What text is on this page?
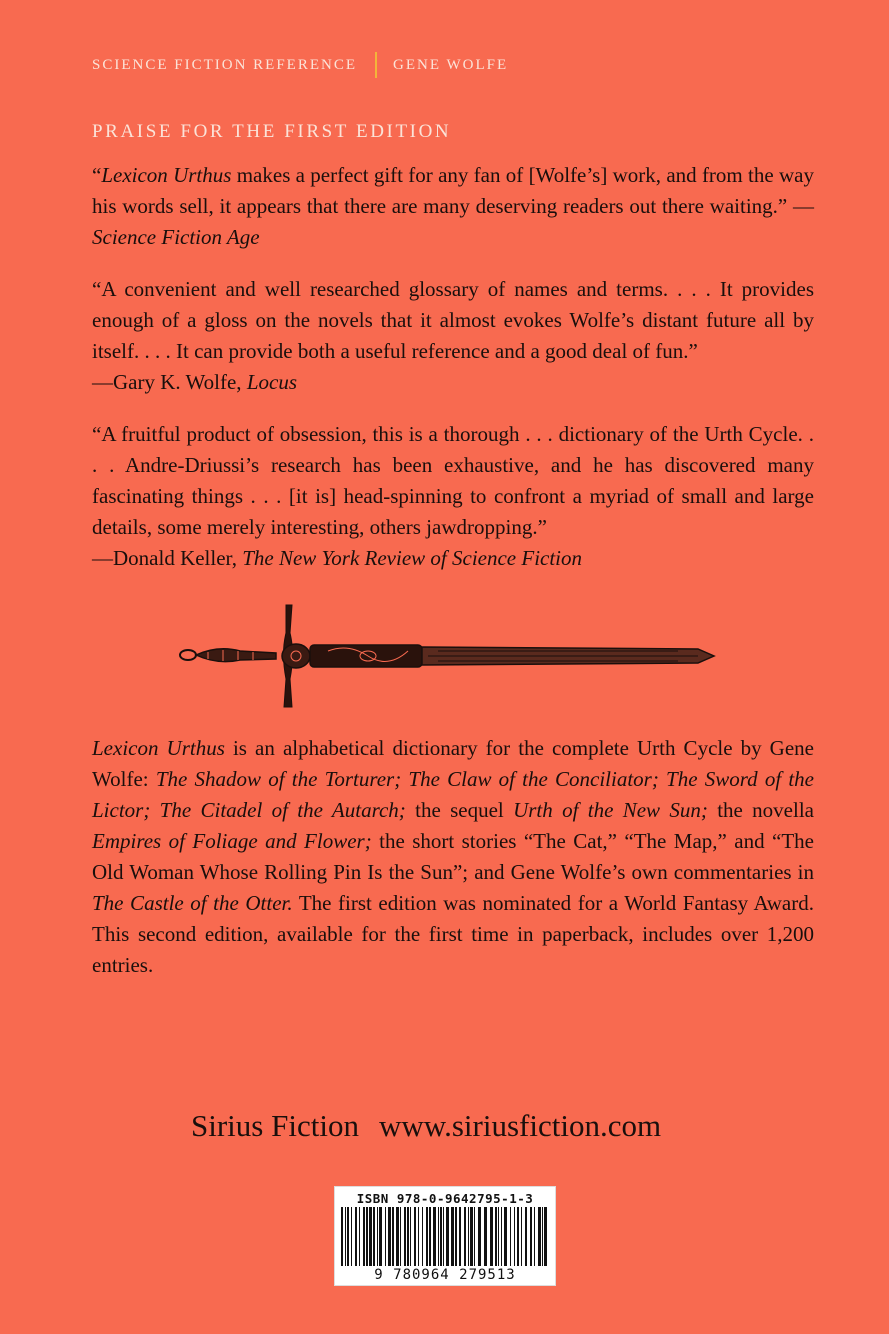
SCIENCE FICTION REFERENCE GENE WOLFE
PRAISE FOR THE FIRST EDITION

“Lexicon Urthus makes a perfect gift for any fan of [Wolfe’s] work, and from the way his words sell, it appears that there are many deserving readers out there waiting.” —Science Fiction Age

“A convenient and well researched glossary of names and terms. . . . It provides enough of a gloss on the novels that it almost evokes Wolfe’s distant future all by itself. . . . It can provide both a useful reference and a good deal of fun.”

—Gary K. Wolfe, Locus

“A fruitful product of obsession, this is a thorough . . . dictionary of the Urth Cycle. . . . Andre-Driussi’s research has been exhaustive, and he has discovered many fascinating things . . . [it is] head-spinning to confront a myriad of small and large details, some merely interesting, others jawdropping.”

—Donald Keller, The New York Review of Science Fiction

Lexicon Urthus is an alphabetical dictionary for the complete Urth Cycle by Gene Wolfe: The Shadow of the Torturer; The Claw of the Conciliator; The Sword of the Lictor; The Citadel of the Autarch; the sequel Urth of the New Sun; the novella Empires of Foliage and Flower; the short stories “The Cat,” “The Map,” and “The Old Woman Whose Rolling Pin Is the Sun”; and Gene Wolfe’s own commentaries in The Castle of the Otter. The first edition was nominated for a World Fantasy Award. This second edition, available for the first time in paperback, includes over 1,200 entries.

Sirius Fiction www.siriusfiction.com
ISBN 978-0-9642795-1-3
9 780964 279513
